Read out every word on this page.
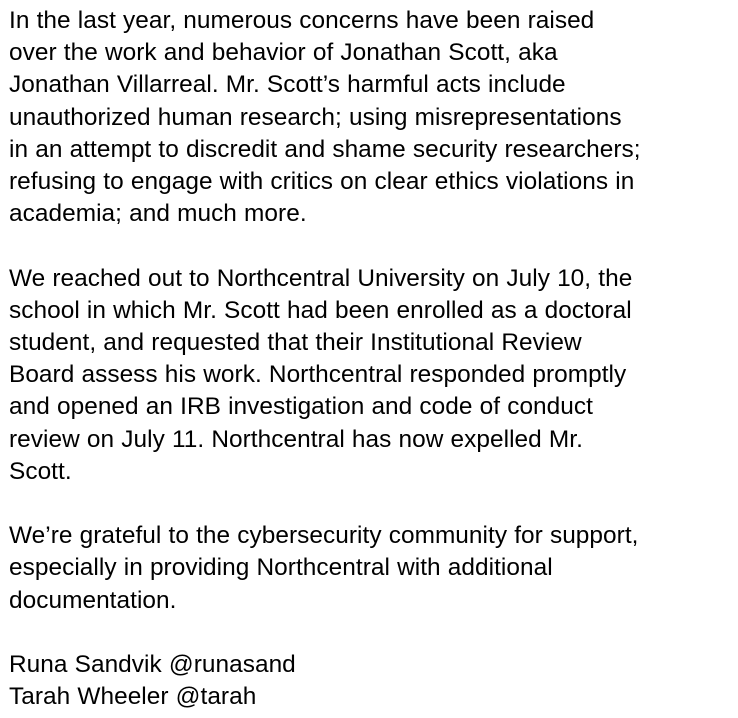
In the last year, numerous concerns have been raised
over the work and behavior of Jonathan Scott, aka
Jonathan Villarreal. Mr. Scott’s harmful acts include
unauthorized human research; using misrepresentations
in an attempt to discredit and shame security researchers;
refusing to engage with critics on clear ethics violations in
academia; and much more.

We reached out to Northcentral University on July 10, the
school in which Mr. Scott had been enrolled as a doctoral
student, and requested that their Institutional Review
Board assess his work. Northcentral responded promptly
and opened an IRB investigation and code of conduct
review on July 11. Northcentral has now expelled Mr.
Scott.

We’re grateful to the cybersecurity community for support,
especially in providing Northcentral with additional
documentation.

Runa Sandvik @runasand

Tarah Wheeler @tarah
